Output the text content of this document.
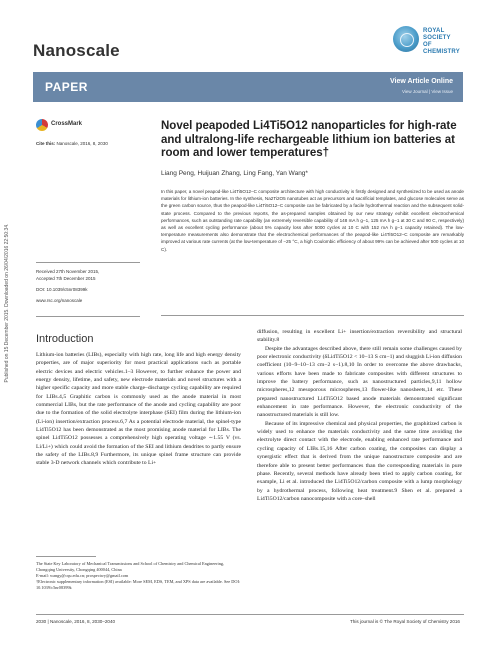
Published on 15 December 2015. Downloaded on 26/04/2016 22:50:34.
Nanoscale
ROYAL SOCIETY
OF CHEMISTRY
PAPER	View Article Online
View Journal | View Issue
CrossMark
Cite this: Nanoscale, 2016, 8, 2030
Novel peapoded Li4Ti5O12 nanoparticles for high-rate and ultralong-life rechargeable lithium ion batteries at room and lower temperatures†
Liang Peng, Huijuan Zhang, Ling Fang, Yan Wang*
In this paper, a novel peapod-like Li4Ti5O12–C composite architecture with high conductivity is firstly designed and synthesized to be used as anode materials for lithium-ion batteries. In the synthesis, Na2Ti2O5 nanotubes act as precursors and sacrificial templates, and glucose molecules serve as the green carbon source, thus the peapod-like Li4Ti5O12–C composite can be fabricated by a facile hydrothermal reaction and the subsequent solid-state process. Compared to the previous reports, the as-prepared samples obtained by our new strategy exhibit excellent electrochemical performances, such as outstanding rate capability (an extremely reversible capability of 148 mA h g−1, 125 mA h g−1 at 30 C and 90 C, respectively) as well as excellent cycling performance (about 5% capacity loss after 5000 cycles at 10 C with 152 mA h g−1 capacity retained). The low-temperature measurements also demonstrate that the electrochemical performances of the peapod-like Li4Ti5O12–C composite are remarkably improved at various rate currents (at the low-temperature of −25 °C, a high Coulombic efficiency of about 99% can be achieved after 500 cycles at 10 C).
Received 27th November 2015,
Accepted 7th December 2015
DOI: 10.1039/c5nr08399k
www.rsc.org/nanoscale
Introduction

Lithium-ion batteries (LIBs), especially with high rate, long life and high energy density properties, are of major superiority for most practical applications such as portable electric devices and electric vehicles.1–3 However, to further enhance the power and energy density, lifetime, and safety, new electrode materials and novel structures with a higher specific capacity and more stable charge–discharge cycling capability are required for LIBs.4,5 Graphitic carbon is commonly used as the anode material in most commercial LIBs, but the rate performance of the anode and cycling capability are poor due to the formation of the solid electrolyte interphase (SEI) film during the lithium-ion (Li-ion) insertion/extraction process.6,7 As a potential electrode material, the spinel-type Li4Ti5O12 has been demonstrated as the most promising anode material for LIBs. The spinel Li4Ti5O12 possesses a comprehensively high operating voltage ∼1.55 V (vs. Li/Li+) which could avoid the formation of the SEI and lithium dendrites to partly ensure the safety of the LIBs.8,9 Furthermore, its unique spinel frame structure can provide stable 3-D network channels which contribute to Li+

diffusion, resulting in excellent Li+ insertion/extraction reversibility and structural stability.8

Despite the advantages described above, there still remain some challenges caused by poor electronic conductivity (δLi4Ti5O12 < 10−13 S cm−1) and sluggish Li-ion diffusion coefficient (10−9–10−13 cm−2 s−1).8,10 In order to overcome the above drawbacks, various efforts have been made to fabricate composites with different structures to improve the battery performance, such as nanostructured particles,9,11 hollow microspheres,12 mesoporous microspheres,13 flower-like nanosheets,14 etc. These prepared nanostructured Li4Ti5O12 based anode materials demonstrated significant enhancement in rate performance. However, the electronic conductivity of the nanostructured materials is still low.

Because of its impressive chemical and physical properties, the graphitized carbon is widely used to enhance the materials conductivity and the same time avoiding the electrolyte direct contact with the electrode, enabling enhanced rate performance and cycling capacity of LIBs.15,16 After carbon coating, the composites can display a synergistic effect that is derived from the unique nanostructure composite and are therefore able to present better performances than the corresponding materials in pure phase. Recently, several methods have already been tried to apply carbon coating, for example, Li et al. introduced the Li4Ti5O12/carbon composite with a lump morphology by a hydrothermal process, following heat treatment.9 Shen et al. prepared a Li4Ti5O12/carbon nanocomposite with a core–shell

The State Key Laboratory of Mechanical Transmissions and School of Chemistry and Chemical Engineering, Chongqing University, Chongqing 400044, China
E-mail: wangy@cqu.edu.cn; prospectwy@gmail.com
†Electronic supplementary information (ESI) available: More SEM, EDS, TEM, and XPS data are available. See DOI: 10.1039/c5nr08399k
2030 | Nanoscale, 2016, 8, 2030–2040	This journal is © The Royal Society of Chemistry 2016
